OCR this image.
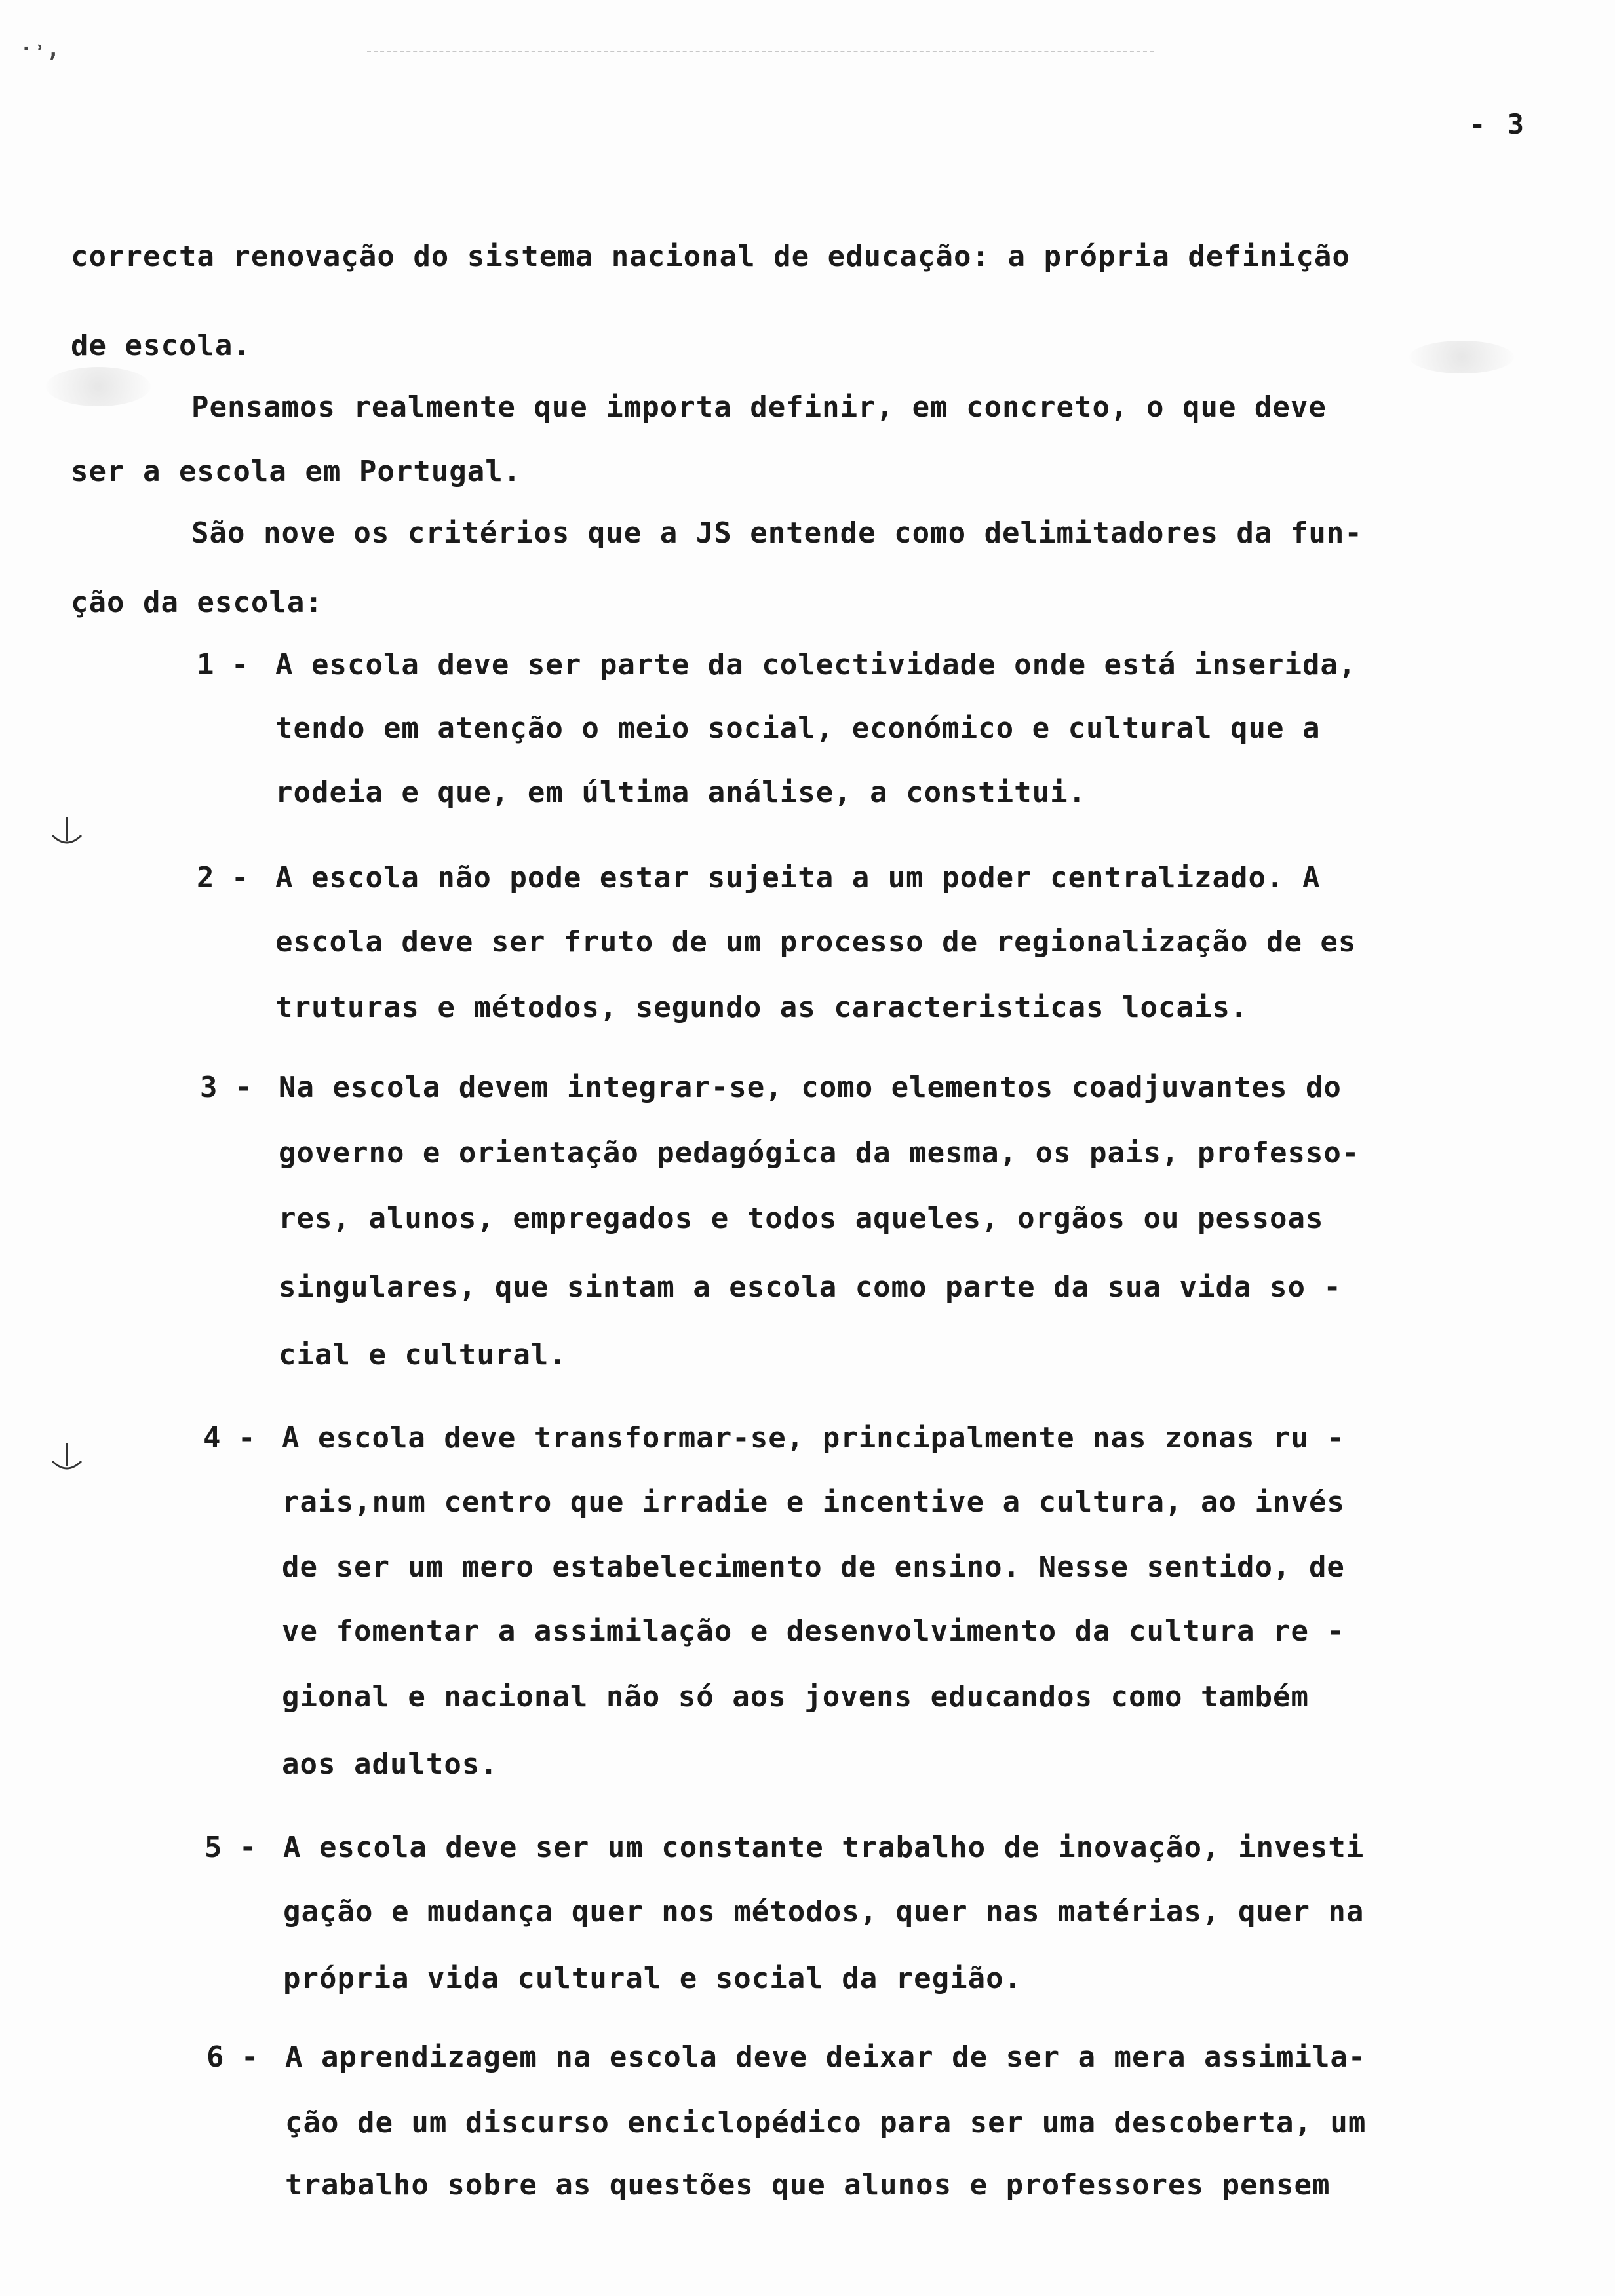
·˒,
- 3
correcta renovação do sistema nacional de educação: a própria definição
de escola.
Pensamos realmente que importa definir, em concreto, o que deve
ser a escola em Portugal.
São nove os critérios que a JS entende como delimitadores da fun-
ção da escola:
1 - A escola deve ser parte da colectividade onde está inserida,
tendo em atenção o meio social, económico e cultural que a
rodeia e que, em última análise, a constitui.
2 - A escola não pode estar sujeita a um poder centralizado. A
escola deve ser fruto de um processo de regionalização de es
truturas e métodos, segundo as caracteristicas locais.
3 - Na escola devem integrar-se, como elementos coadjuvantes do
governo e orientação pedagógica da mesma, os pais, professo-
res, alunos, empregados e todos aqueles, orgãos ou pessoas
singulares, que sintam a escola como parte da sua vida so -
cial e cultural.
4 - A escola deve transformar-se, principalmente nas zonas ru -
rais,num centro que irradie e incentive a cultura, ao invés
de ser um mero estabelecimento de ensino. Nesse sentido, de
ve fomentar a assimilação e desenvolvimento da cultura re -
gional e nacional não só aos jovens educandos como também
aos adultos.
5 - A escola deve ser um constante trabalho de inovação, investi
gação e mudança quer nos métodos, quer nas matérias, quer na
própria vida cultural e social da região.
6 - A aprendizagem na escola deve deixar de ser a mera assimila-
ção de um discurso enciclopédico para ser uma descoberta, um
trabalho sobre as questões que alunos e professores pensem
